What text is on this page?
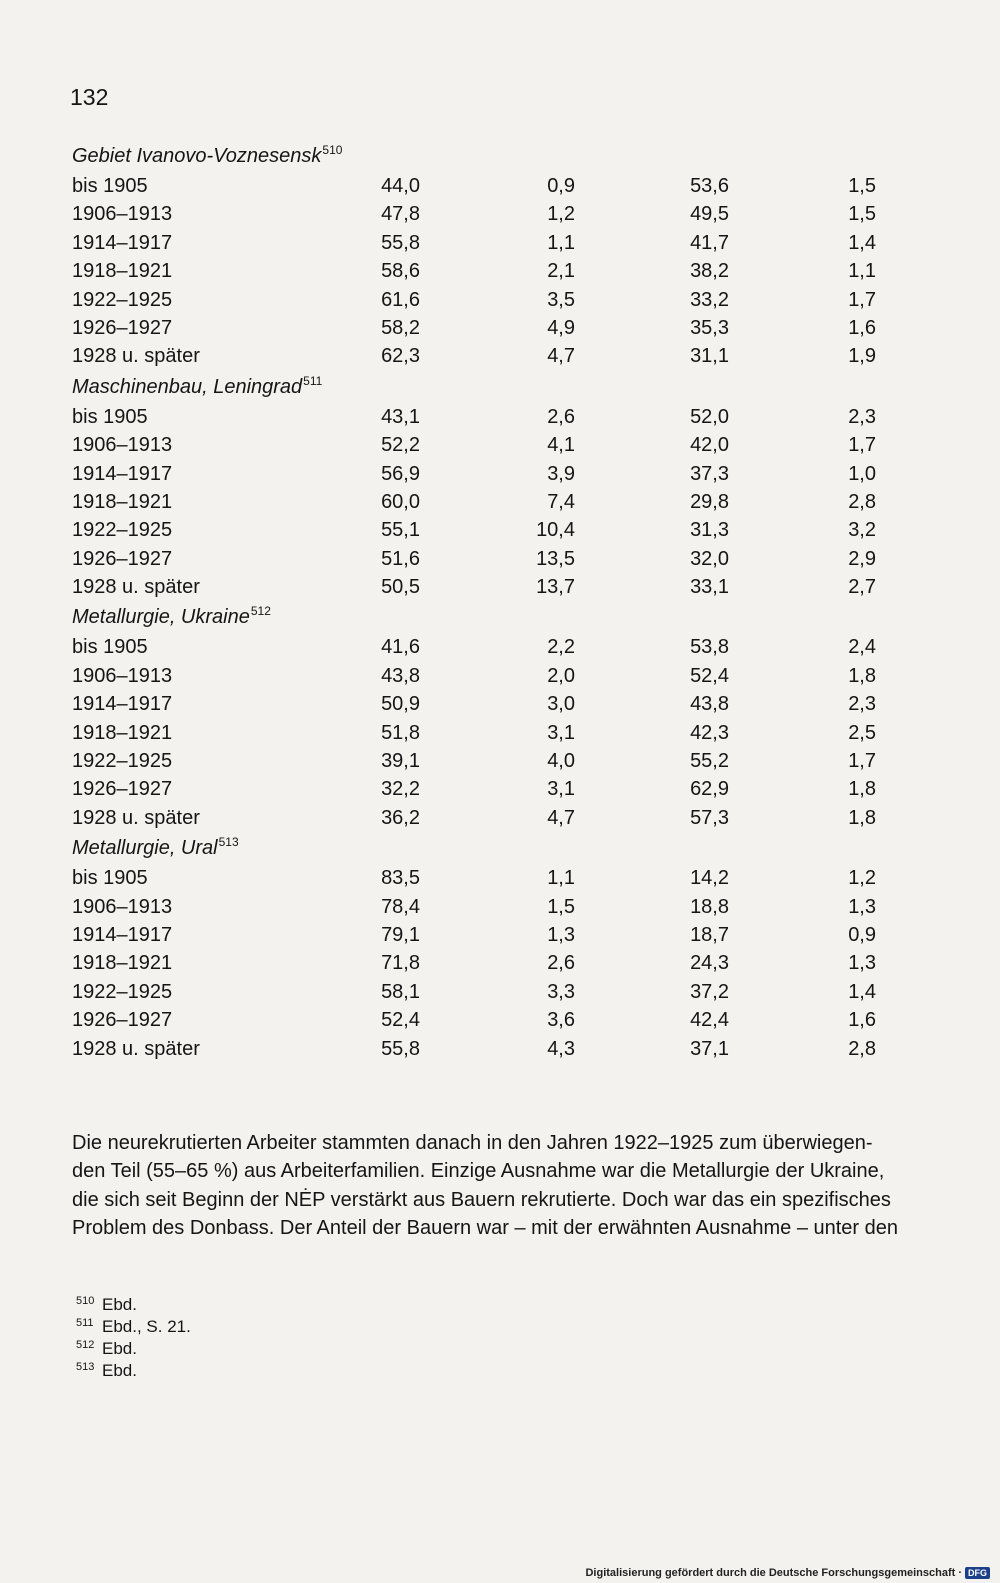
132
Gebiet Ivanovo-Voznesensk$^{510}$
bis 1905	44,0	0,9	53,6	1,5
1906–1913	47,8	1,2	49,5	1,5
1914–1917	55,8	1,1	41,7	1,4
1918–1921	58,6	2,1	38,2	1,1
1922–1925	61,6	3,5	33,2	1,7
1926–1927	58,2	4,9	35,3	1,6
1928 u. später	62,3	4,7	31,1	1,9
Maschinenbau, Leningrad$^{511}$
bis 1905	43,1	2,6	52,0	2,3
1906–1913	52,2	4,1	42,0	1,7
1914–1917	56,9	3,9	37,3	1,0
1918–1921	60,0	7,4	29,8	2,8
1922–1925	55,1	10,4	31,3	3,2
1926–1927	51,6	13,5	32,0	2,9
1928 u. später	50,5	13,7	33,1	2,7
Metallurgie, Ukraine$^{512}$
bis 1905	41,6	2,2	53,8	2,4
1906–1913	43,8	2,0	52,4	1,8
1914–1917	50,9	3,0	43,8	2,3
1918–1921	51,8	3,1	42,3	2,5
1922–1925	39,1	4,0	55,2	1,7
1926–1927	32,2	3,1	62,9	1,8
1928 u. später	36,2	4,7	57,3	1,8
Metallurgie, Ural$^{513}$
bis 1905	83,5	1,1	14,2	1,2
1906–1913	78,4	1,5	18,8	1,3
1914–1917	79,1	1,3	18,7	0,9
1918–1921	71,8	2,6	24,3	1,3
1922–1925	58,1	3,3	37,2	1,4
1926–1927	52,4	3,6	42,4	1,6
1928 u. später	55,8	4,3	37,1	2,8
Die neurekrutierten Arbeiter stammten danach in den Jahren 1922–1925 zum überwiegen-
den Teil (55–65 %) aus Arbeiterfamilien. Einzige Ausnahme war die Metallurgie der Ukraine,
die sich seit Beginn der NĖP verstärkt aus Bauern rekrutierte. Doch war das ein spezifisches
Problem des Donbass. Der Anteil der Bauern war – mit der erwähnten Ausnahme – unter den
510 Ebd.
511 Ebd., S. 21.
512 Ebd.
513 Ebd.
Digitalisierung gefördert durch die Deutsche Forschungsgemeinschaft · DFG
